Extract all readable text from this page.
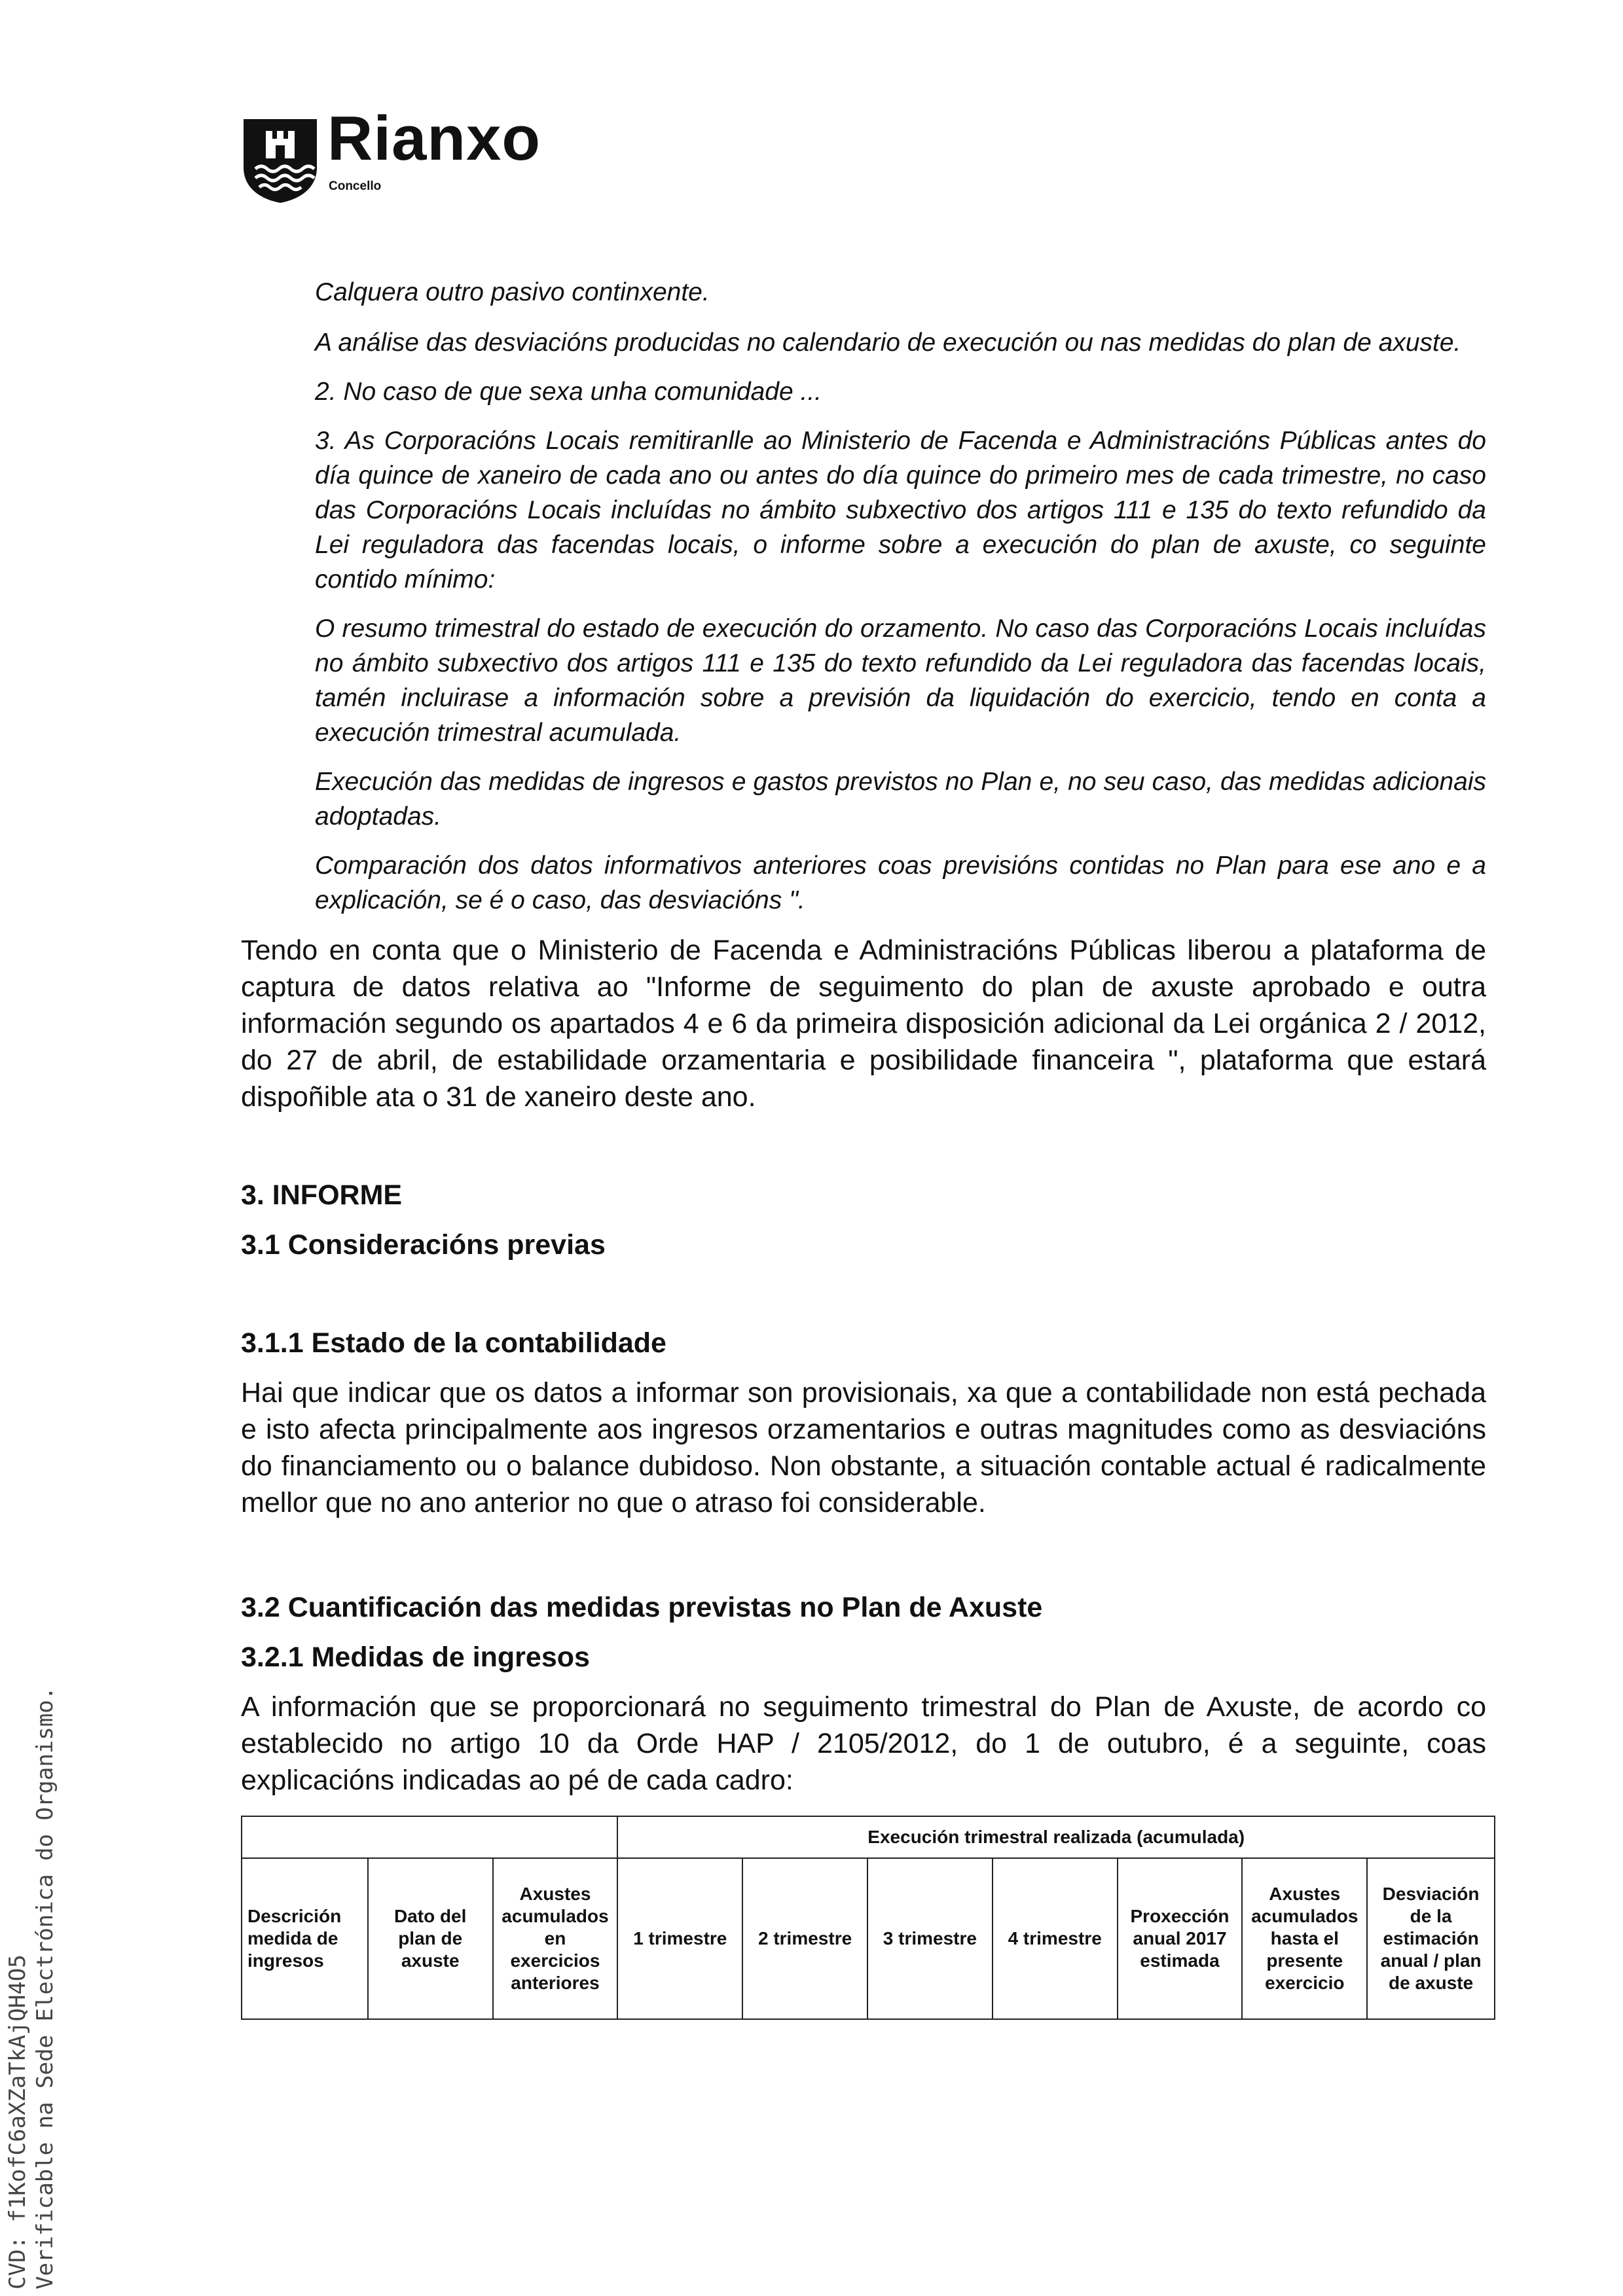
Rianxo
Concello

Calquera outro pasivo continxente.

A análise das desviacións producidas no calendario de execución ou nas medidas do plan de axuste.

2. No caso de que sexa unha comunidade ...

3. As Corporacións Locais remitiranlle ao Ministerio de Facenda e Administracións Públicas antes do día quince de xaneiro de cada ano ou antes do día quince do primeiro mes de cada trimestre, no caso das Corporacións Locais incluídas no ámbito subxectivo dos artigos 111 e 135 do texto refundido da Lei reguladora das facendas locais, o informe sobre a execución do plan de axuste, co seguinte contido mínimo:

O resumo trimestral do estado de execución do orzamento. No caso das Corporacións Locais incluídas no ámbito subxectivo dos artigos 111 e 135 do texto refundido da Lei reguladora das facendas locais, tamén incluirase a información sobre a previsión da liquidación do exercicio, tendo en conta a execución trimestral acumulada.

Execución das medidas de ingresos e gastos previstos no Plan e, no seu caso, das medidas adicionais adoptadas.

Comparación dos datos informativos anteriores coas previsións contidas no Plan para ese ano e a explicación, se é o caso, das desviacións ".

Tendo en conta que o Ministerio de Facenda e Administracións Públicas liberou a plataforma de captura de datos relativa ao "Informe de seguimento do plan de axuste aprobado e outra información segundo os apartados 4 e 6 da primeira disposición adicional da Lei orgánica 2 / 2012, do 27 de abril, de estabilidade orzamentaria e posibilidade financeira ", plataforma que estará dispoñible ata o 31 de xaneiro deste ano.

3. INFORME
3.1 Consideracións previas
3.1.1 Estado de la contabilidade

Hai que indicar que os datos a informar son provisionais, xa que a contabilidade non está pechada e isto afecta principalmente aos ingresos orzamentarios e outras magnitudes como as desviacións do financiamento ou o balance dubidoso. Non obstante, a situación contable actual é radicalmente mellor que no ano anterior no que o atraso foi considerable.

3.2 Cuantificación das medidas previstas no Plan de Axuste
3.2.1 Medidas de ingresos

A información que se proporcionará no seguimento trimestral do Plan de Axuste, de acordo co establecido no artigo 10 da Orde HAP / 2105/2012, do 1 de outubro, é a seguinte, coas explicacións indicadas ao pé de cada cadro:

			Execución trimestral realizada (acumulada)						
Descrición medida de ingresos	Dato del plan de axuste	Axustes acumulados en exercicios anteriores	1 trimestre	2 trimestre	3 trimestre	4 trimestre	Proxección anual 2017 estimada	Axustes acumulados hasta el presente exercicio	Desviación de la estimación anual / plan de axuste
CVD: f1KofC6aXZaTkAjQH4O5 Verificable na Sede Electrónica do Organismo.
